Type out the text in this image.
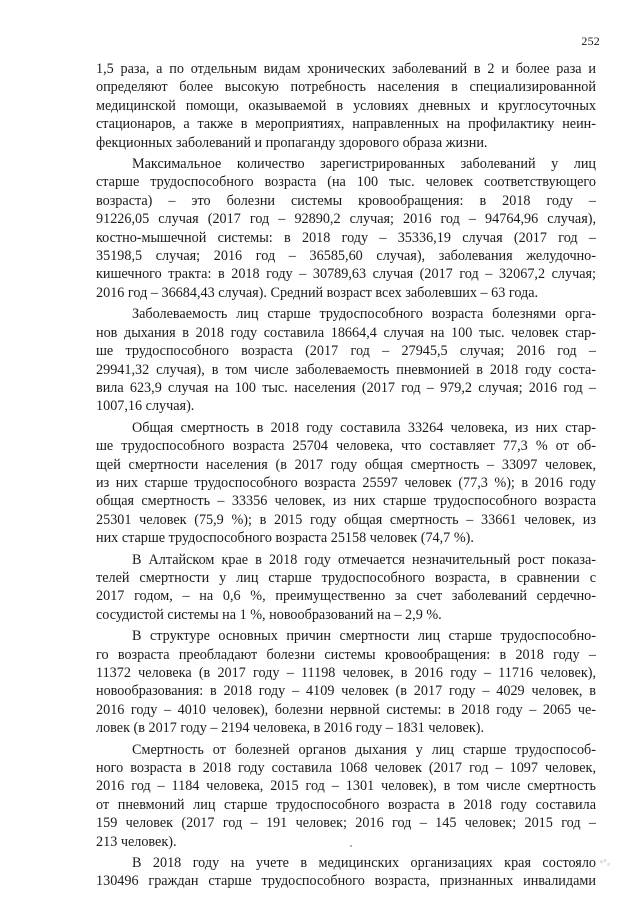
252
1,5 раза, а по отдельным видам хронических заболеваний в 2 и более раза и
определяют более высокую потребность населения в специализированной
медицинской помощи, оказываемой в условиях дневных и круглосуточных
стационаров, а также в мероприятиях, направленных на профилактику неин-
фекционных заболеваний и пропаганду здорового образа жизни.
Максимальное количество зарегистрированных заболеваний у лиц
старше трудоспособного возраста (на 100 тыс. человек соответствующего
возраста) – это болезни системы кровообращения: в 2018 году –
91226,05 случая (2017 год – 92890,2 случая; 2016 год – 94764,96 случая),
костно-мышечной системы: в 2018 году – 35336,19 случая (2017 год –
35198,5 случая; 2016 год – 36585,60 случая), заболевания желудочно-
кишечного тракта: в 2018 году – 30789,63 случая (2017 год – 32067,2 случая;
2016 год – 36684,43 случая). Средний возраст всех заболевших – 63 года.
Заболеваемость лиц старше трудоспособного возраста болезнями орга-
нов дыхания в 2018 году составила 18664,4 случая на 100 тыс. человек стар-
ше трудоспособного возраста (2017 год – 27945,5 случая; 2016 год –
29941,32 случая), в том числе заболеваемость пневмонией в 2018 году соста-
вила 623,9 случая на 100 тыс. населения (2017 год – 979,2 случая; 2016 год –
1007,16 случая).
Общая смертность в 2018 году составила 33264 человека, из них стар-
ше трудоспособного возраста 25704 человека, что составляет 77,3 % от об-
щей смертности населения (в 2017 году общая смертность – 33097 человек,
из них старше трудоспособного возраста 25597 человек (77,3 %); в 2016 году
общая смертность – 33356 человек, из них старше трудоспособного возраста
25301 человек (75,9 %); в 2015 году общая смертность – 33661 человек, из
них старше трудоспособного возраста 25158 человек (74,7 %).
В Алтайском крае в 2018 году отмечается незначительный рост показа-
телей смертности у лиц старше трудоспособного возраста, в сравнении с
2017 годом, – на 0,6 %, преимущественно за счет заболеваний сердечно-
сосудистой системы на 1 %, новообразований на – 2,9 %.
В структуре основных причин смертности лиц старше трудоспособно-
го возраста преобладают болезни системы кровообращения: в 2018 году –
11372 человека (в 2017 году – 11198 человек, в 2016 году – 11716 человек),
новообразования: в 2018 году – 4109 человек (в 2017 году – 4029 человек, в
2016 году – 4010 человек), болезни нервной системы: в 2018 году – 2065 че-
ловек (в 2017 году – 2194 человека, в 2016 году – 1831 человек).
Смертность от болезней органов дыхания у лиц старше трудоспособ-
ного возраста в 2018 году составила 1068 человек (2017 год – 1097 человек,
2016 год – 1184 человека, 2015 год – 1301 человек), в том числе смертность
от пневмоний лиц старше трудоспособного возраста в 2018 году составила
159 человек (2017 год – 191 человек; 2016 год – 145 человек; 2015 год –
213 человек).
В 2018 году на учете в медицинских организациях края состояло
130496 граждан старше трудоспособного возраста, признанных инвалидами
